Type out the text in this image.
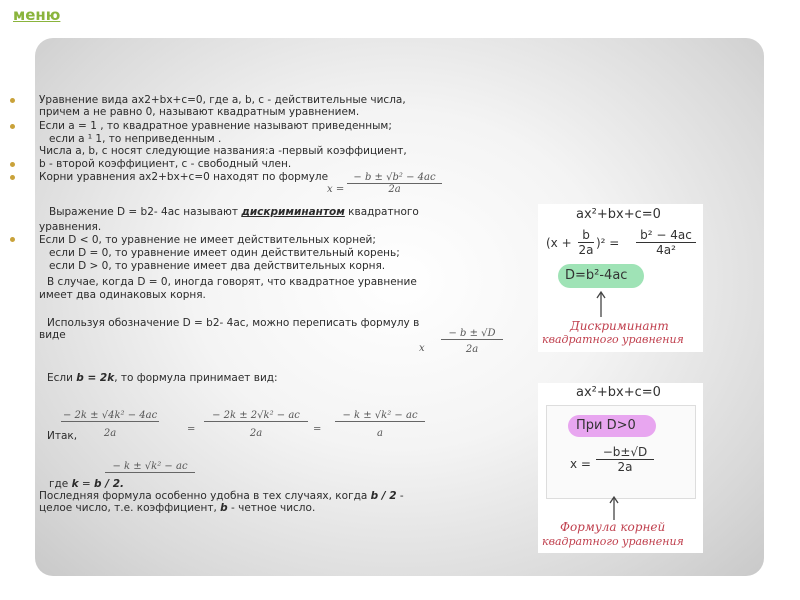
меню
Уравнение вида ax2+bx+c=0, где a, b, c - действительные числа,
причем а не равно 0, называют квадратным уравнением.
Если а = 1 , то квадратное уравнение называют приведенным;
если а ¹ 1, то неприведенным .
Числа a, b, с носят следующие названия:а -первый коэффициент,
b - второй коэффициент, с - свободный член.
Корни уравнения ax2+bx+c=0 находят по формуле
$x = \frac{\text{− b ± √b² − 4ac}}{2a}$
Выражение D = b2- 4ac называют дискриминантом квадратного
уравнения.
Если D < 0, то уравнение не имеет действительных корней;
если D = 0, то уравнение имеет один действительный корень;
если D > 0, то уравнение имеет два действительных корня.
В случае, когда D = 0, иногда говорят, что квадратное уравнение
имеет два одинаковых корня.
Используя обозначение D = b2- 4ac, можно переписать формулу в
виде
x $\frac{- b \pm √D}{2a}$
Если b = 2k, то формула принимает вид:
$\frac{\text{− 2k ± √4k² − 4ac}}{2a}$	= $\frac{\text{− 2k ± 2√k² − ac}}{2a} = \frac{\text{− k ± √k² − ac}}{a}$
Итак,
− k ± √k² − ac
где k = b / 2.
Последняя формула особенно удобна в тех случаях, когда b / 2 -
целое число, т.е. коэффициент, b - четное число.
ax²+bx+c=0
(x +
b
2a )² =
b² − 4ac
4a²
D=b²-4ac
Дискриминант
квадратного уравнения
ax²+bx+c=0
При D>0
x =
−b±√D
2a
Формула корней
квадратного уравнения
